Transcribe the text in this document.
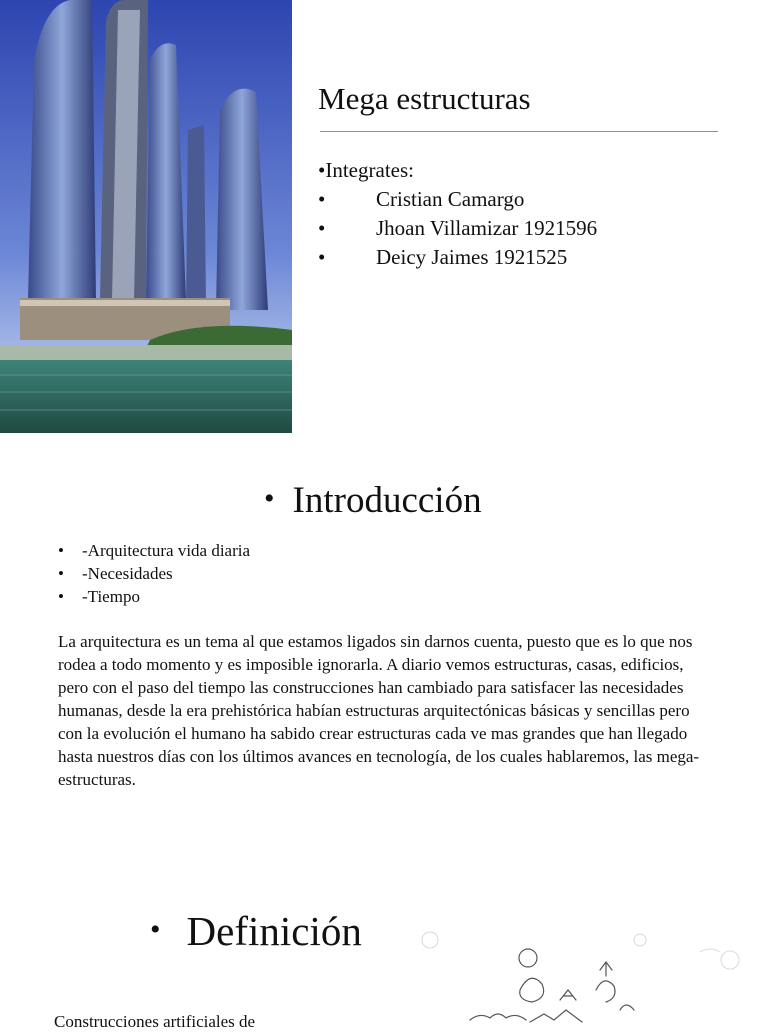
Mega estructuras

•Integrates:

• Cristian Camargo
• Jhoan Villamizar 1921596
• Deicy Jaimes 1921525
• Introducción
• -Arquitectura vida diaria
• -Necesidades
• -Tiempo

La arquitectura es un tema al que estamos ligados sin darnos cuenta, puesto que es lo que nos rodea a todo momento y es imposible ignorarla. A diario vemos estructuras, casas, edificios, pero con el paso del tiempo las construcciones han cambiado para satisfacer las necesidades humanas, desde la era prehistórica habían estructuras arquitectónicas básicas y sencillas pero con la evolución el humano ha sabido crear estructuras cada ve mas grandes que han llegado hasta nuestros días con los últimos avances en tecnología, de los cuales hablaremos, las mega-estructuras.

• Definición

Construcciones artificiales de
